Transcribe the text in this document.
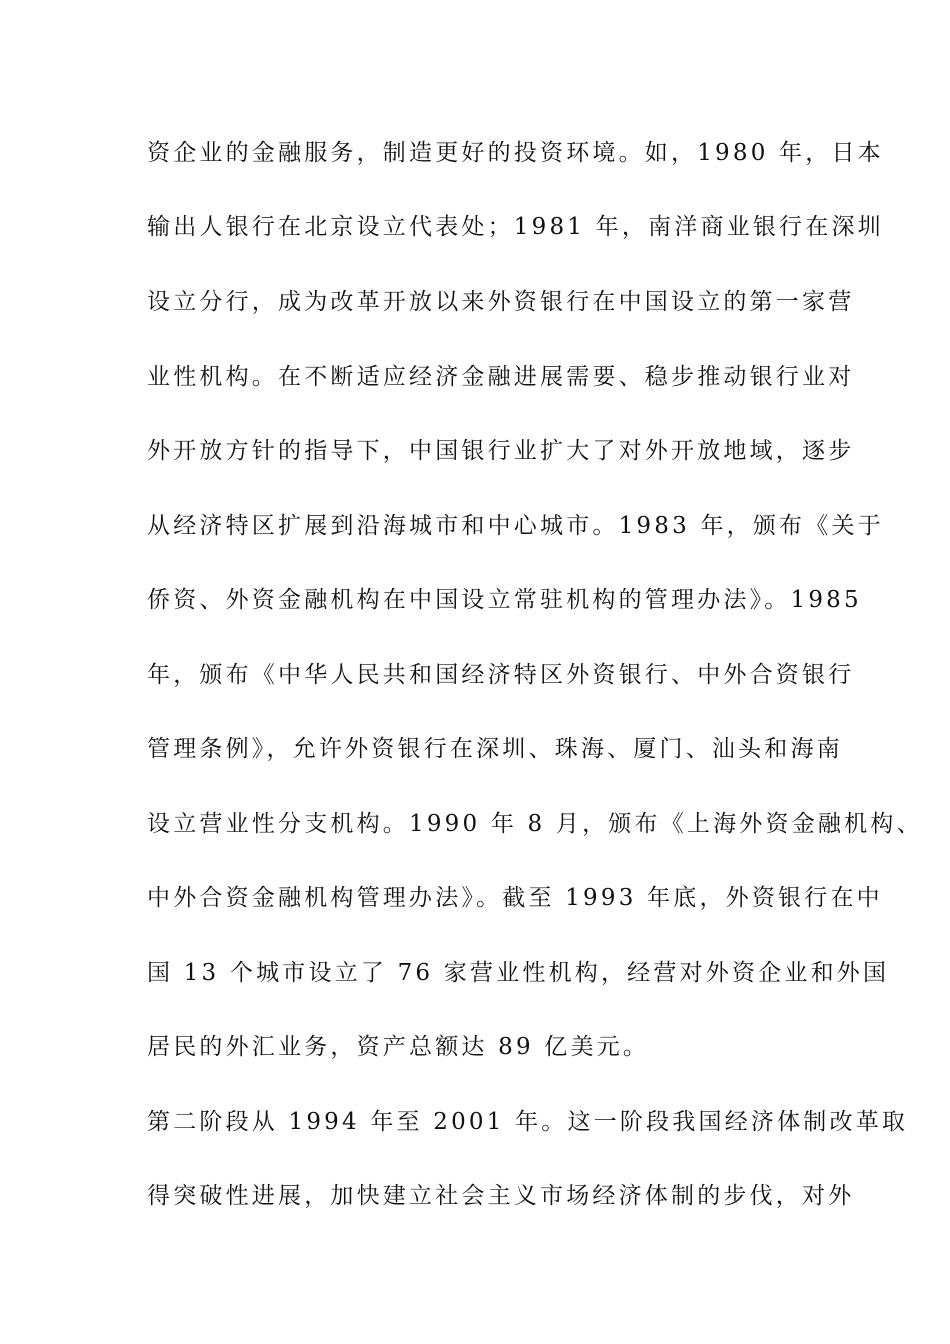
资企业的金融服务，制造更好的投资环境。如，1980 年，日本
输出人银行在北京设立代表处；1981 年，南洋商业银行在深圳
设立分行，成为改革开放以来外资银行在中国设立的第一家营
业性机构。在不断适应经济金融进展需要、稳步推动银行业对
外开放方针的指导下，中国银行业扩大了对外开放地域，逐步
从经济特区扩展到沿海城市和中心城市。1983 年，颁布《关于
侨资、外资金融机构在中国设立常驻机构的管理办法》。1985
年，颁布《中华人民共和国经济特区外资银行、中外合资银行
管理条例》，允许外资银行在深圳、珠海、厦门、汕头和海南
设立营业性分支机构。1990 年 8 月，颁布《上海外资金融机构、
中外合资金融机构管理办法》。截至 1993 年底，外资银行在中
国 13 个城市设立了 76 家营业性机构，经营对外资企业和外国
居民的外汇业务，资产总额达 89 亿美元。
第二阶段从 1994 年至 2001 年。这一阶段我国经济体制改革取
得突破性进展，加快建立社会主义市场经济体制的步伐，对外
